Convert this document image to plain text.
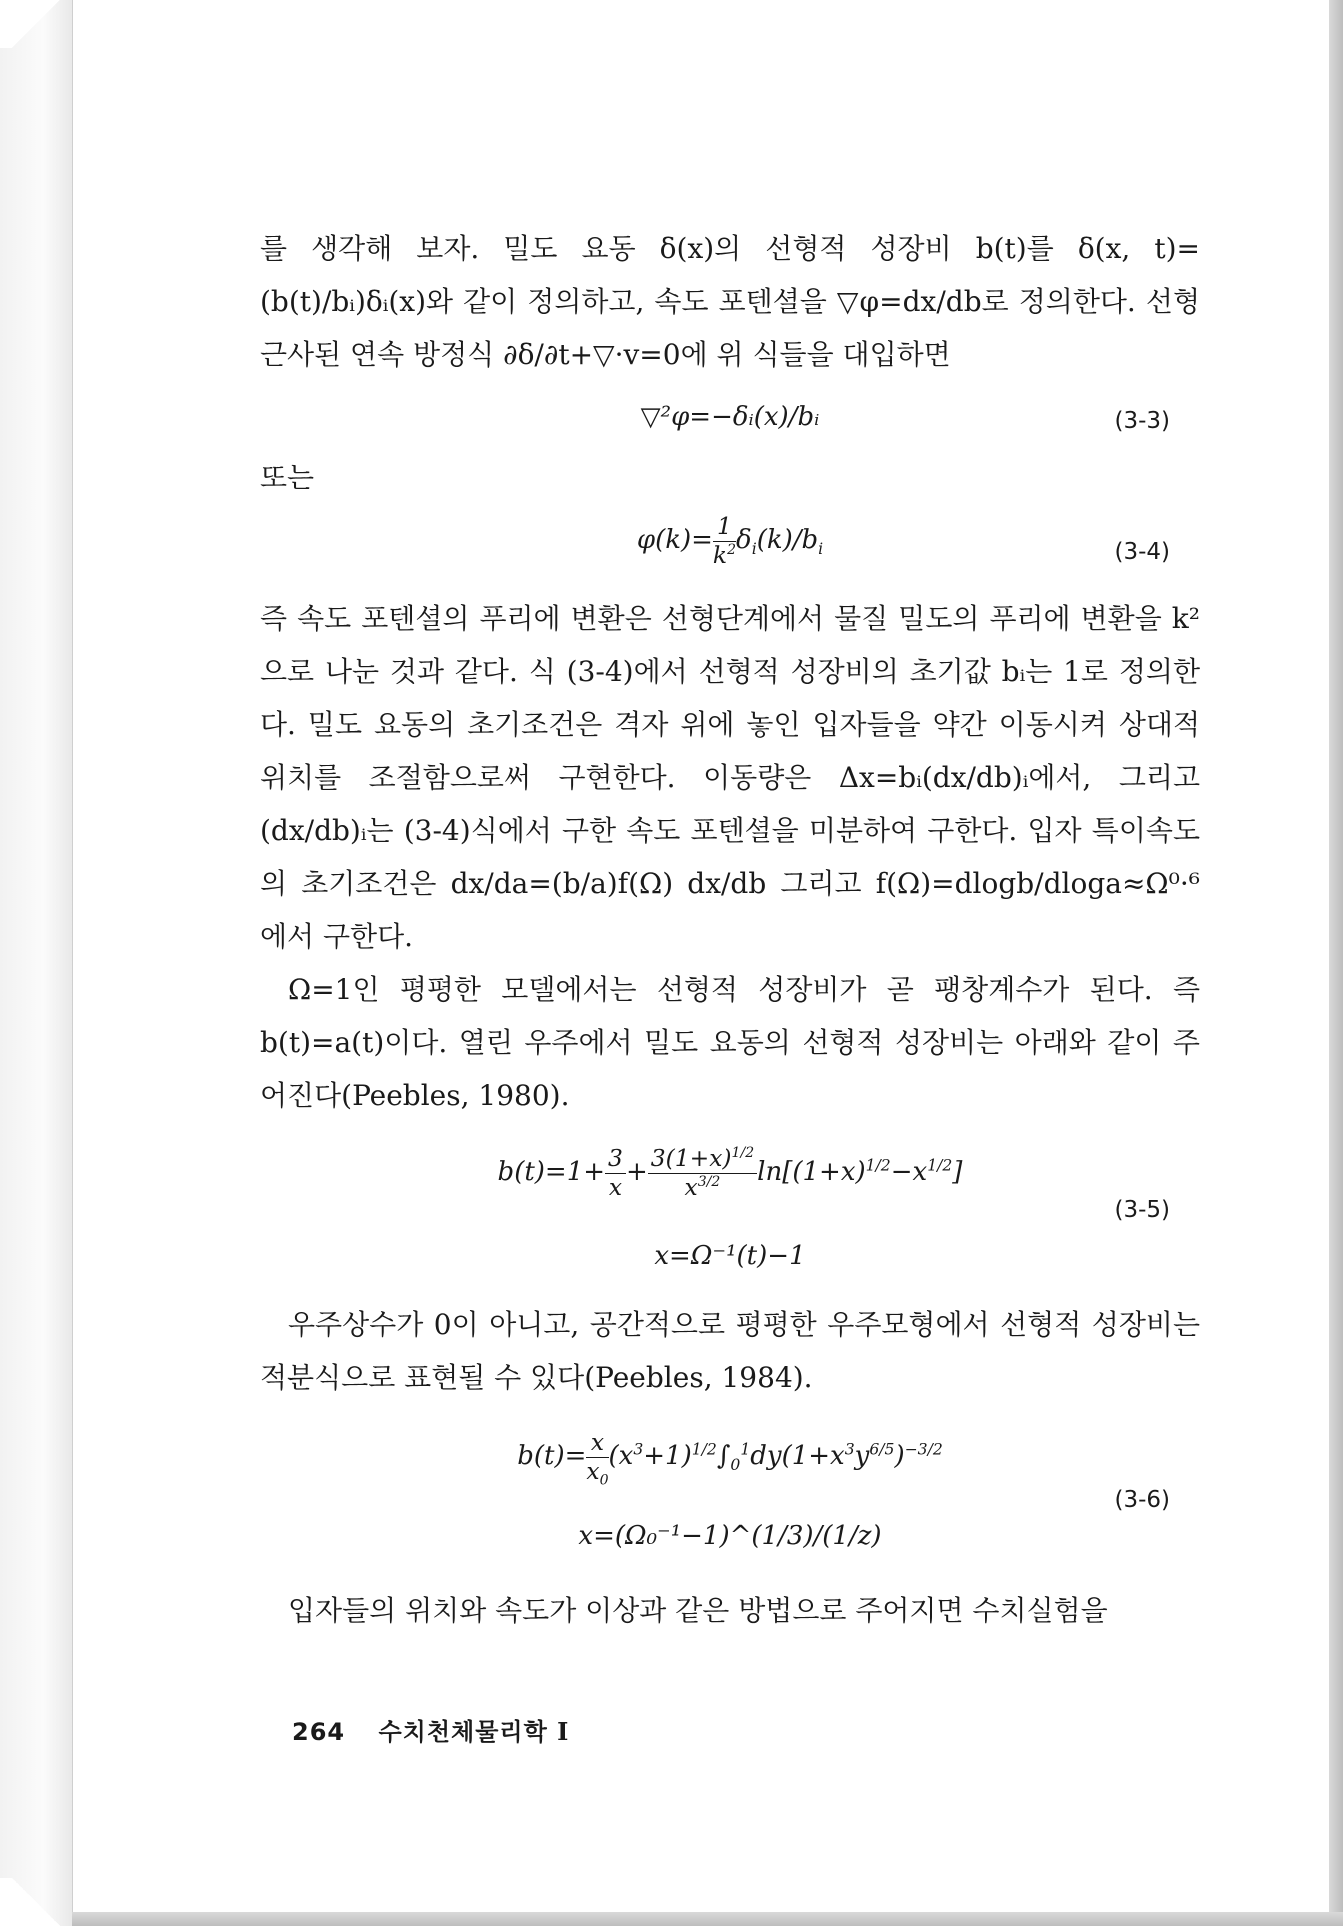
를 생각해 보자. 밀도 요동 δ(x)의 선형적 성장비 b(t)를 δ(x, t)=(b(t)/bᵢ)δᵢ(x)와 같이 정의하고, 속도 포텐셜을 ▽φ=dx/db로 정의한다. 선형 근사된 연속 방정식 ∂δ/∂t+▽·v=0에 위 식들을 대입하면

▽²φ=−δᵢ(x)/bᵢ	(3-3)

또는

$\varphi(k)= \frac{1}{k^2} \delta_i(k)/b_i$	(3-4)

즉 속도 포텐셜의 푸리에 변환은 선형단계에서 물질 밀도의 푸리에 변환을 k²으로 나눈 것과 같다. 식 (3-4)에서 선형적 성장비의 초기값 bᵢ는 1로 정의한다. 밀도 요동의 초기조건은 격자 위에 놓인 입자들을 약간 이동시켜 상대적 위치를 조절함으로써 구현한다. 이동량은 Δx=bᵢ(dx/db)ᵢ에서, 그리고 (dx/db)ᵢ는 (3-4)식에서 구한 속도 포텐셜을 미분하여 구한다. 입자 특이속도의 초기조건은 dx/da=(b/a)f(Ω) dx/db 그리고 f(Ω)=dlogb/dloga≈Ω⁰·⁶에서 구한다.

Ω=1인 평평한 모델에서는 선형적 성장비가 곧 팽창계수가 된다. 즉 b(t)=a(t)이다. 열린 우주에서 밀도 요동의 선형적 성장비는 아래와 같이 주어진다(Peebles, 1980).

$b(t)=1+ \frac{3}{x} + \frac{3(1+x)^{1/2}}{x^{3/2}} \ln[(1+x)^{1/2}-x^{1/2}]$
x=Ω⁻¹(t)−1
(3-5)

우주상수가 0이 아니고, 공간적으로 평평한 우주모형에서 선형적 성장비는 적분식으로 표현될 수 있다(Peebles, 1984).

$b(t)= \frac{x}{x_0} (x^3+1)^{1/2}\int_0^1dy(1+x^3y^{6/5})^{-3/2}$
x=(Ω₀⁻¹−1)^(1/3)/(1/z)
(3-6)

입자들의 위치와 속도가 이상과 같은 방법으로 주어지면 수치실험을

264 수치천체물리학 I
